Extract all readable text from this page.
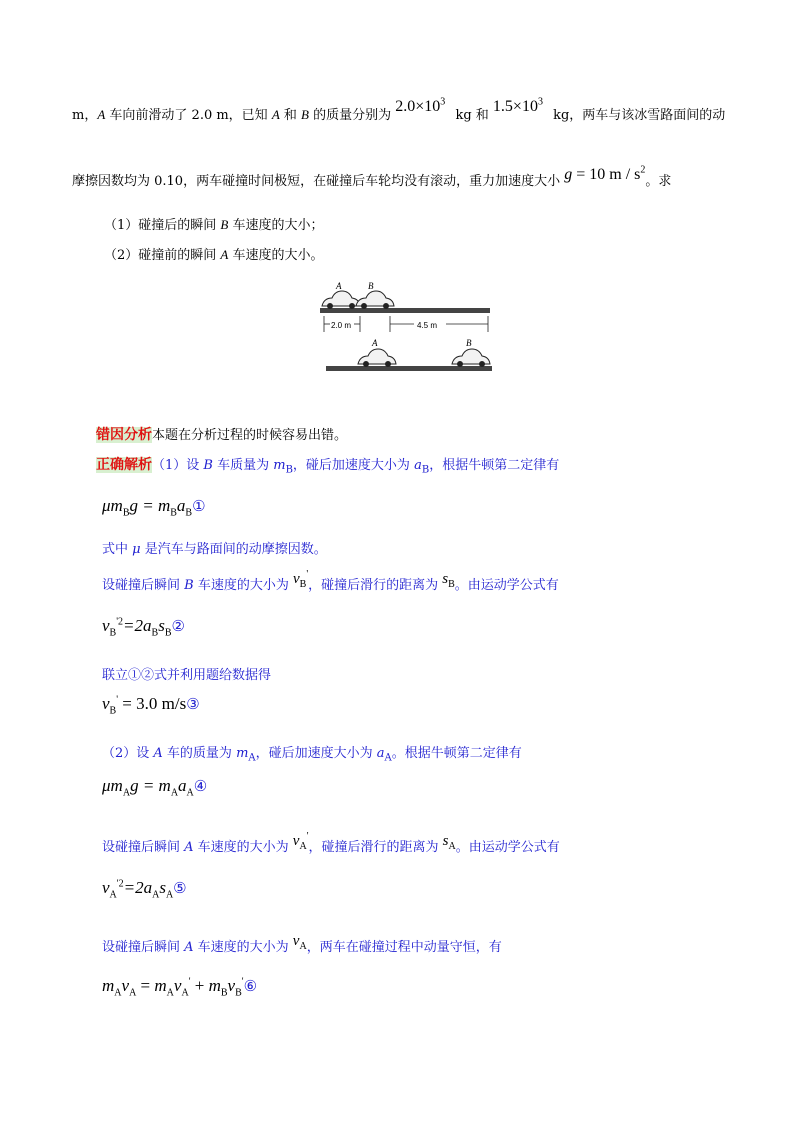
m，A 车向前滑动了 2.0 m，已知 A 和 B 的质量分别为 $2.0\times 10^3$ kg 和 $1.5\times 10^3$ kg，两车与该冰雪路面间的动
摩擦因数均为 0.10，两车碰撞时间极短，在碰撞后车轮均没有滚动，重力加速度大小 g = 10 m / $s^2$。求
（1）碰撞后的瞬间 B 车速度的大小；
（2）碰撞前的瞬间 A 车速度的大小。
A	B
2.0 m	4.5 m
A	B
错因分析本题在分析过程的时候容易出错。
正确解析（1）设 B 车质量为 $m_B$，碰后加速度大小为 $a_B$，根据牛顿第二定律有
$\mu m_Bg$ = $m_Ba_B①$
式中 μ 是汽车与路面间的动摩擦因数。
设碰撞后瞬间 B 车速度的大小为 $v_B'$，碰撞后滑行的距离为 $s_B$。由运动学公式有
$v_B^{'2}=2a_Bs_B②$
联立①②式并利用题给数据得
$v_B' = 3.0$ m/s③
（2）设 A 车的质量为 $m_A$，碰后加速度大小为 $a_A$。根据牛顿第二定律有
$\mu m_Ag$ = $m_Aa_A④$
设碰撞后瞬间 A 车速度的大小为 $v_A'$，碰撞后滑行的距离为 $s_A$。由运动学公式有
$v_A^{'2}=2a_As_A⑤$
设碰撞后瞬间 A 车速度的大小为 $v_A$，两车在碰撞过程中动量守恒，有
$m_Av_A = m_Av_A'$ + $m_Bv_B'⑥$
